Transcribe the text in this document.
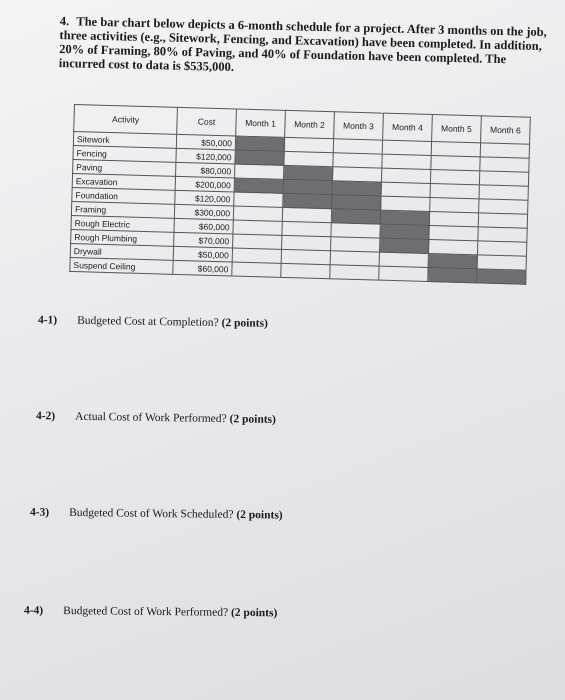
4. The bar chart below depicts a 6-month schedule for a project. After 3 months on the job, three activities (e.g., Sitework, Fencing, and Excavation) have been completed. In addition, 20% of Framing, 80% of Paving, and 40% of Foundation have been completed. The incurred cost to data is $535,000.
Activity	Cost	Month 1	Month 2	Month 3	Month 4	Month 5	Month 6
Sitework	$50,000						
Fencing	$120,000						
Paving	$80,000						
Excavation	$200,000						
Foundation	$120,000						
Framing	$300,000						
Rough Electric	$60,000						
Rough Plumbing	$70,000						
Drywall	$50,000						
Suspend Ceiling	$60,000						
4-1) Budgeted Cost at Completion? (2 points)
4-2) Actual Cost of Work Performed? (2 points)
4-3) Budgeted Cost of Work Scheduled? (2 points)
4-4) Budgeted Cost of Work Performed? (2 points)
